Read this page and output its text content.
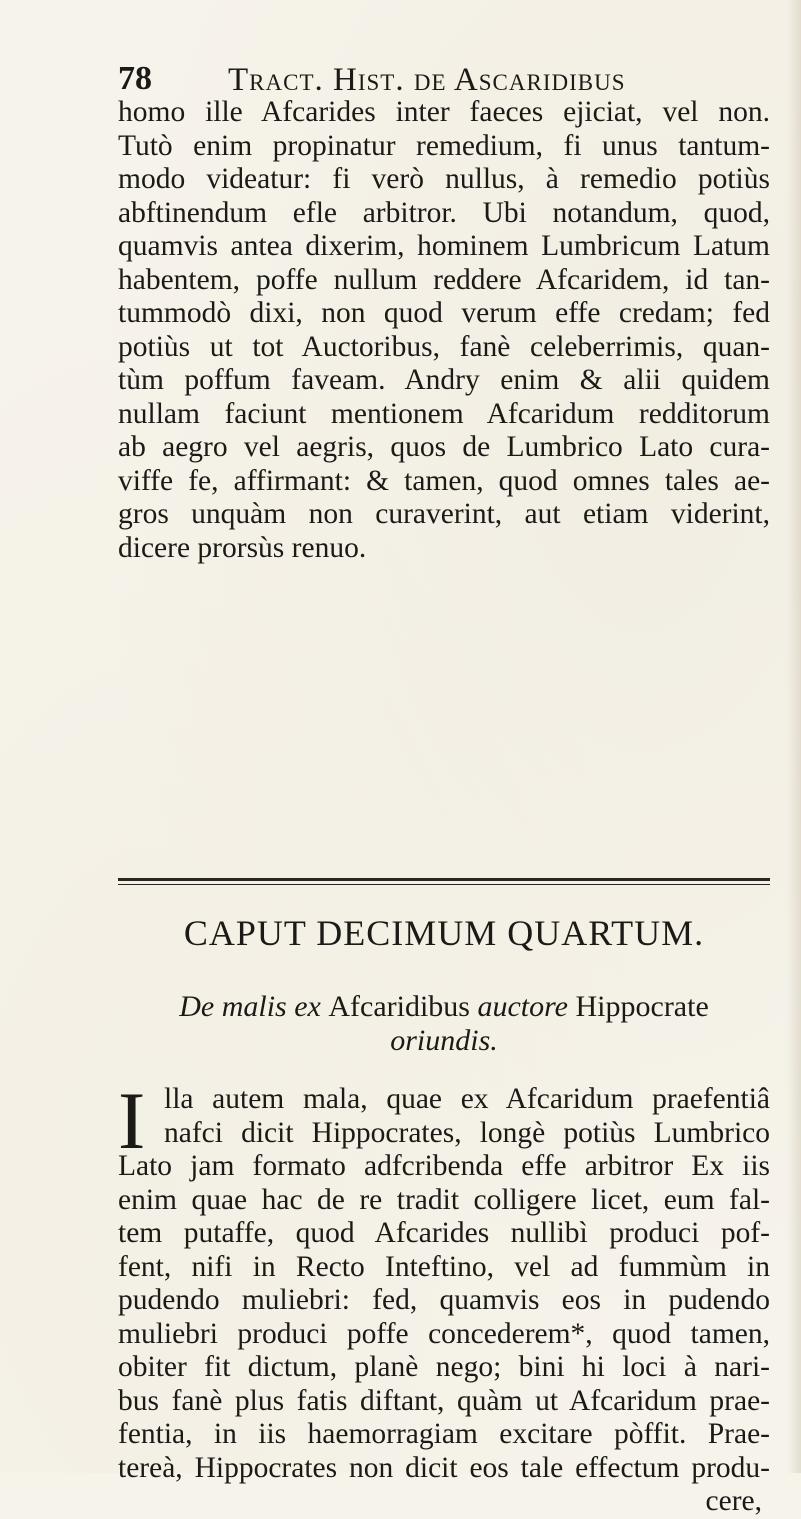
78 Tract. Hist. de Ascaridibus
homo ille Afcarides inter faeces ejiciat, vel non.
Tutò enim propinatur remedium, fi unus tantum-
modo videatur: fi verò nullus, à remedio potiùs
abftinendum efle arbitror. Ubi notandum, quod,
quamvis antea dixerim, hominem Lumbricum Latum
habentem, poffe nullum reddere Afcaridem, id tan-
tummodò dixi, non quod verum effe credam; fed
potiùs ut tot Auctoribus, fanè celeberrimis, quan-
tùm poffum faveam. Andry enim & alii quidem
nullam faciunt mentionem Afcaridum redditorum
ab aegro vel aegris, quos de Lumbrico Lato cura-
viffe fe, affirmant: & tamen, quod omnes tales ae-
gros unquàm non curaverint, aut etiam viderint,
dicere prorsùs renuo.
CAPUT DECIMUM QUARTUM.
De malis ex Afcaridibus auctore Hippocrate
oriundis.
I lla autem mala, quae ex Afcaridum praefentiâ
nafci dicit Hippocrates, longè potiùs Lumbrico
Lato jam formato adfcribenda effe arbitror Ex iis
enim quae hac de re tradit colligere licet, eum fal-
tem putaffe, quod Afcarides nullibì produci pof-
fent, nifi in Recto Inteftino, vel ad fummùm in
pudendo muliebri: fed, quamvis eos in pudendo
muliebri produci poffe concederem*, quod tamen,
obiter fit dictum, planè nego; bini hi loci à nari-
bus fanè plus fatis diftant, quàm ut Afcaridum prae-
fentia, in iis haemorragiam excitare pòffit. Prae-
tereà, Hippocrates non dicit eos tale effectum produ-
cere,
